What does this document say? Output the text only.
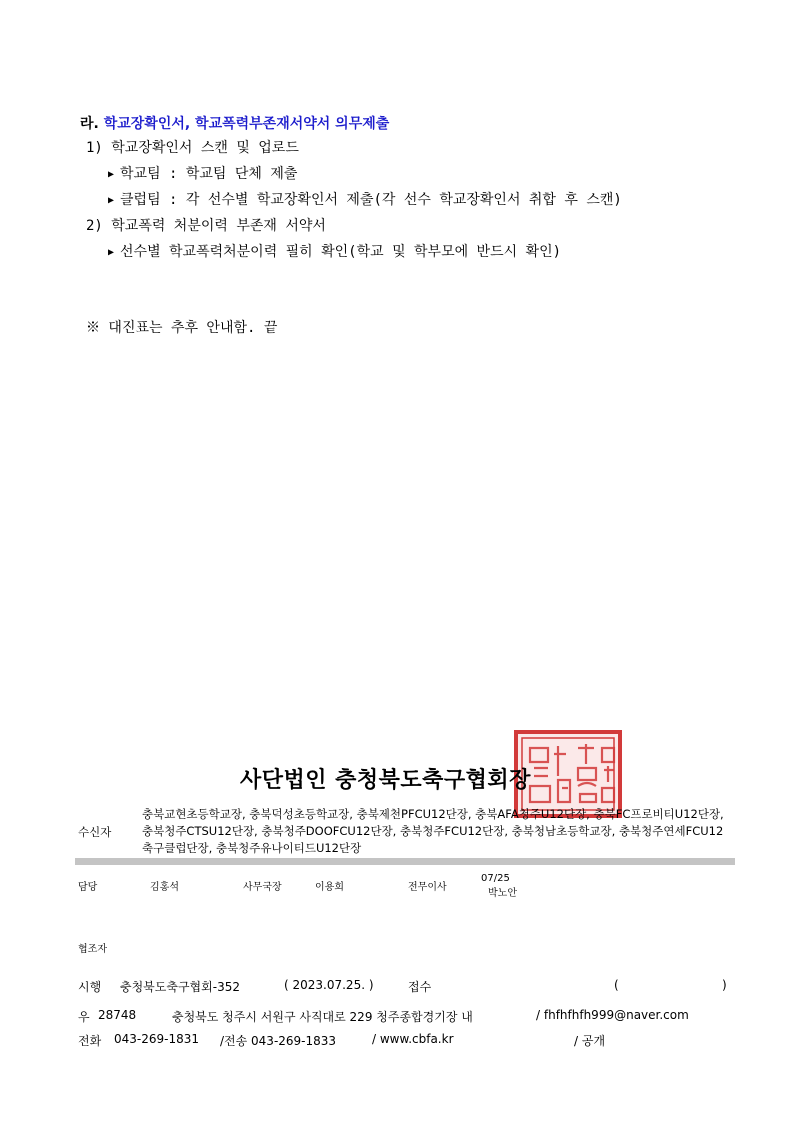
라. 학교장확인서, 학교폭력부존재서약서 의무제출
1) 학교장확인서 스캔 및 업로드
▶ 학교팀 : 학교팀 단체 제출
▶ 클럽팀 : 각 선수별 학교장확인서 제출(각 선수 학교장확인서 취합 후 스캔)
2) 학교폭력 처분이력 부존재 서약서
▶ 선수별 학교폭력처분이력 필히 확인(학교 및 학부모에 반드시 확인)
※ 대진표는 추후 안내함. 끝
사단법인 충청북도축구협회장
수신자
충북교현초등학교장, 충북덕성초등학교장, 충북제천PFCU12단장, 충북AFA청주U12단장, 충북FC프로비티U12단장, 충북청주CTSU12단장, 충북청주DOOFCU12단장, 충북청주FCU12단장, 충북청남초등학교장, 충북청주연세FCU12축구클럽단장, 충북청주유나이티드U12단장
담당	김홍석	사무국장	이용희	전무이사
07/25
박노안
협조자
시행 충청북도축구협회-352	( 2023.07.25. )	접수	(	)
우 28748	충청북도 청주시 서원구 사직대로 229 청주종합경기장 내	/ fhfhfhfh999@naver.com
전화 043-269-1831 /전송 043-269-1833	/ www.cbfa.kr	/ 공개
